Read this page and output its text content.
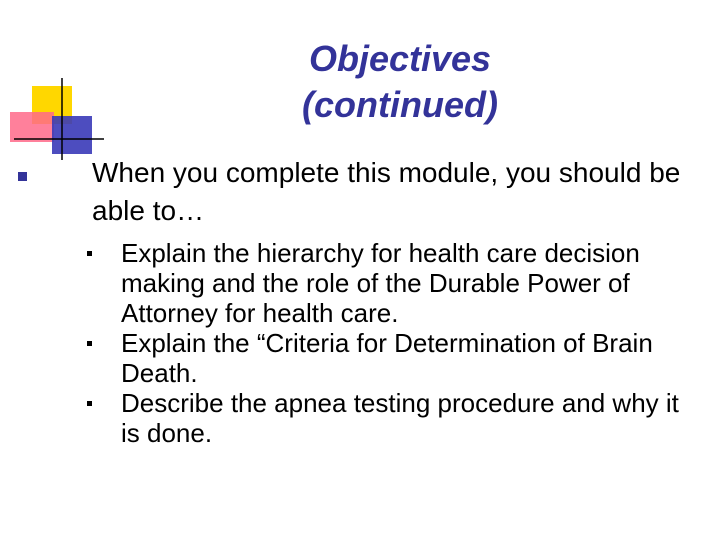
Objectives
(continued)
When you complete this module, you should be able to…
Explain the hierarchy for health care decision making and the role of the Durable Power of Attorney for health care.
Explain the “Criteria for Determination of Brain Death.
Describe the apnea testing procedure and why it is done.
